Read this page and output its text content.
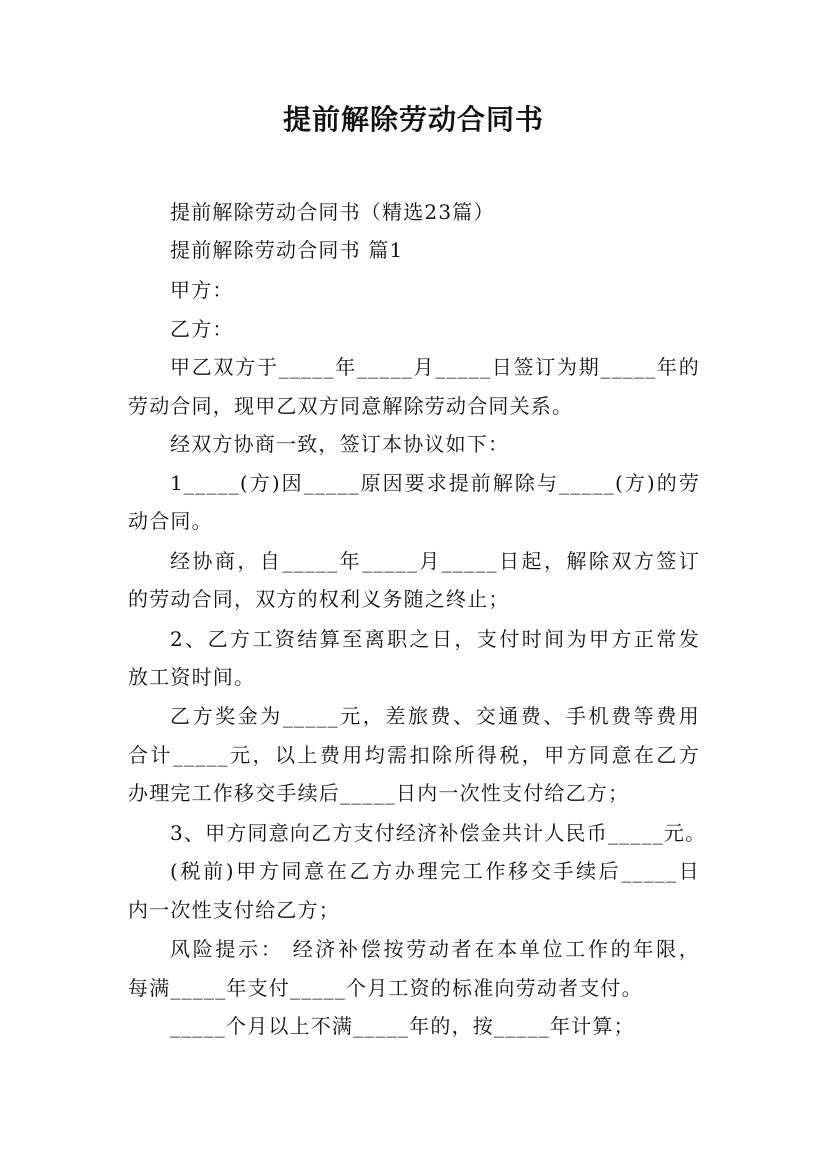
提前解除劳动合同书
提前解除劳动合同书（精选23篇）
提前解除劳动合同书 篇1
甲方：
乙方：
甲乙双方于_____年_____月_____日签订为期_____年的
劳动合同，现甲乙双方同意解除劳动合同关系。
经双方协商一致，签订本协议如下：
1_____(方)因_____原因要求提前解除与_____(方)的劳
动合同。
经协商，自_____年_____月_____日起，解除双方签订
的劳动合同，双方的权利义务随之终止；
2、乙方工资结算至离职之日，支付时间为甲方正常发
放工资时间。
乙方奖金为_____元，差旅费、交通费、手机费等费用
合计_____元，以上费用均需扣除所得税，甲方同意在乙方
办理完工作移交手续后_____日内一次性支付给乙方；
3、甲方同意向乙方支付经济补偿金共计人民币_____元。
(税前)甲方同意在乙方办理完工作移交手续后_____日
内一次性支付给乙方；
风险提示： 经济补偿按劳动者在本单位工作的年限，
每满_____年支付_____个月工资的标准向劳动者支付。
_____个月以上不满_____年的，按_____年计算；
